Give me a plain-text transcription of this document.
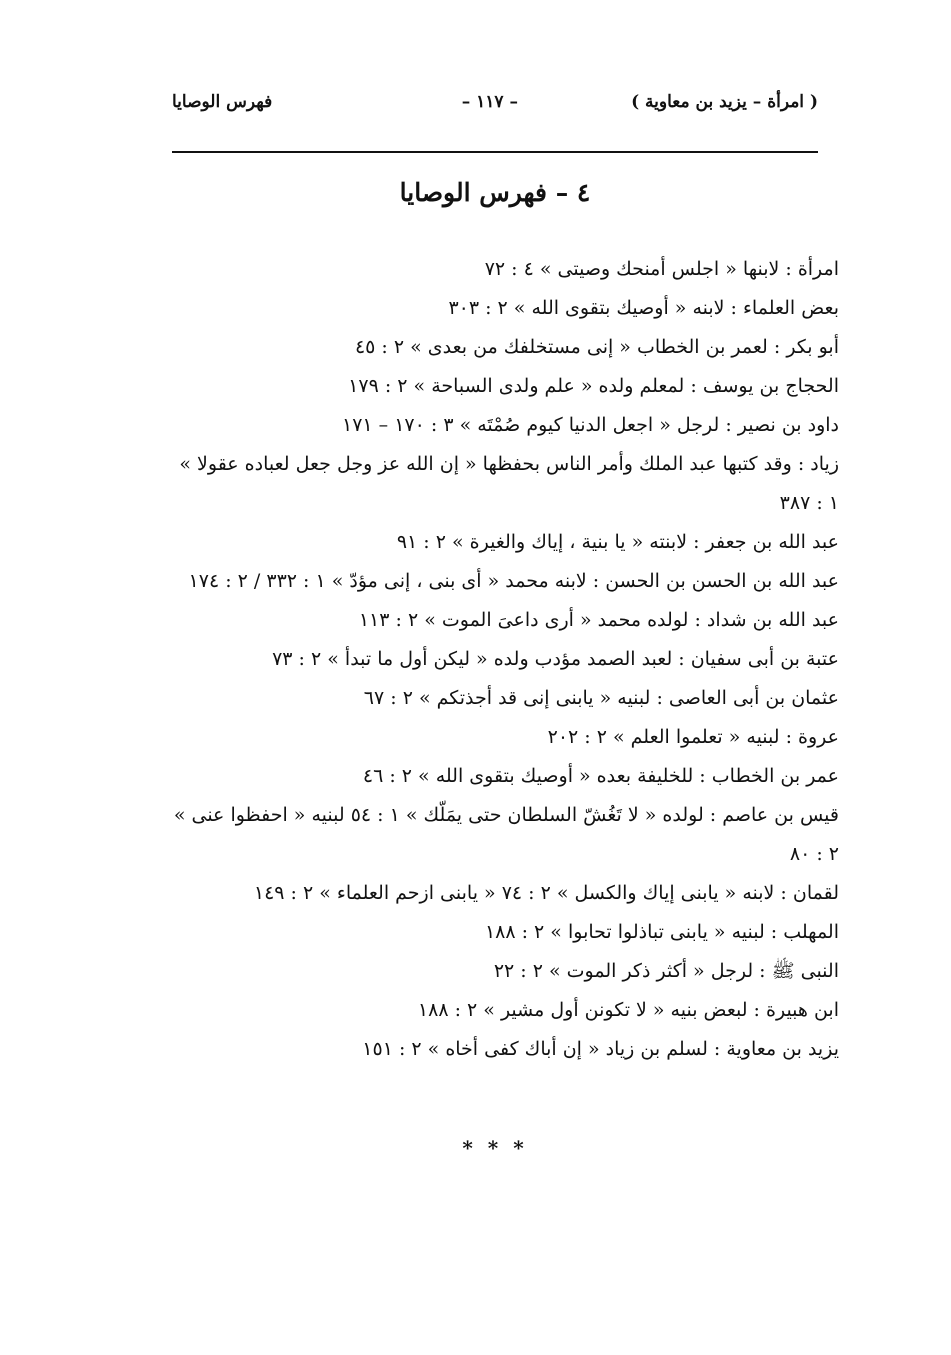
( امرأة – يزيد بن معاوية )
– ١١٧ –
فهرس الوصايا
٤ – فهرس الوصايا
امرأة : لابنها « اجلس أمنحك وصيتى » ٤ : ٧٢
بعض العلماء : لابنه « أوصيك بتقوى الله » ٢ : ٣٠٣
أبو بكر : لعمر بن الخطاب « إنى مستخلفك من بعدى » ٢ : ٤٥
الحجاج بن يوسف : لمعلم ولده « علم ولدى السباحة » ٢ : ١٧٩
داود بن نصير : لرجل « اجعل الدنيا كيوم صُمْتَه » ٣ : ١٧٠ – ١٧١
زياد : وقد كتبها عبد الملك وأمر الناس بحفظها « إن الله عز وجل جعل لعباده عقولا » ١ : ٣٨٧
عبد الله بن جعفر : لابنته « يا بنية ، إياك والغيرة » ٢ : ٩١
عبد الله بن الحسن بن الحسن : لابنه محمد « أى بنى ، إنى مؤدّ » ١ : ٣٣٢ / ٢ : ١٧٤
عبد الله بن شداد : لولده محمد « أرى داعىَ الموت » ٢ : ١١٣
عتبة بن أبى سفيان : لعبد الصمد مؤدب ولده « ليكن أول ما تبدأ » ٢ : ٧٣
عثمان بن أبى العاصى : لبنيه « يابنى إنى قد أجذتكم » ٢ : ٦٧
عروة : لبنيه « تعلموا العلم » ٢ : ٢٠٢
عمر بن الخطاب : للخليفة بعده « أوصيك بتقوى الله » ٢ : ٤٦
قيس بن عاصم : لولده « لا تَغُشّ السلطان حتى يمَلّك » ١ : ٥٤ لبنيه « احفظوا عنى » ٢ : ٨٠
لقمان : لابنه « يابنى إياك والكسل » ٢ : ٧٤ « يابنى ازحم العلماء » ٢ : ١٤٩
المهلب : لبنيه « يابنى تباذلوا تحابوا » ٢ : ١٨٨
النبى ﷺ : لرجل « أكثر ذكر الموت » ٢ : ٢٢
ابن هبيرة : لبعض بنيه « لا تكونن أول مشير » ٢ : ١٨٨
يزيد بن معاوية : لسلم بن زياد « إن أباك كفى أخاه » ٢ : ١٥١
* * *
